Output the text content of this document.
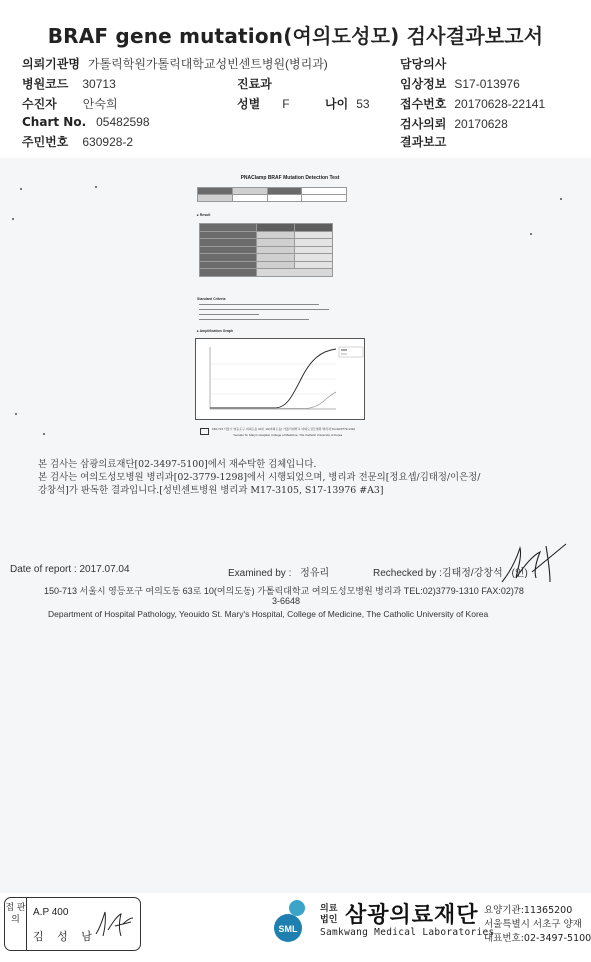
BRAF gene mutation(여의도성모) 검사결과보고서
의뢰기관명 가톨릭학원가톨릭대학교성빈센트병원(병리과)	담당의사
병원코드 30713	진료과	임상정보 S17-013976
수진자 안숙희	성별 F	나이 53	접수번호 20170628-22141
Chart No. 05482598	검사의뢰 20170628
주민번호 630928-2	결과보고
PNAClamp BRAF Mutation Detection Test

▸ Result

Standard Criteria
▸ Amplification Graph
150-713 서울시 영등포구 여의도동 63로 10(여의도동) 가톨릭대학교 여의도성모병원 병리과 Tel:02/3779-1310
Yeouido St. Mary's Hospital, College of Medicine, The Catholic University of Korea
본 검사는 삼광의료재단[02-3497-5100]에서 재수탁한 검체입니다.
본 검사는 여의도성모병원 병리과[02-3779-1298]에서 시행되었으며, 병리과 전문의[정요셉/김태정/이은정/
강창석]가 판독한 결과입니다.[성빈센트병원 병리과 M17-3105, S17-13976 #A3]
Date of report : 2017.07.04	Examined by : 정유리	Rechecked by :김태정/강창석 (인)
150-713 서울시 영등포구 여의도동 63로 10(여의도동) 가톨릭대학교 여의도성모병원 병리과 TEL:02)3779-1310 FAX:02)78
3-6648
Department of Hospital Pathology, Yeouido St. Mary's Hospital, College of Medicine, The Catholic University of Korea
접 판 의
A.P 400
김 성 남
SML
의료
법인 삼광의료재단
Samkwang Medical Laboratories
요양기관:11365200
서울특별시 서초구 양재
대표번호:02-3497-5100
